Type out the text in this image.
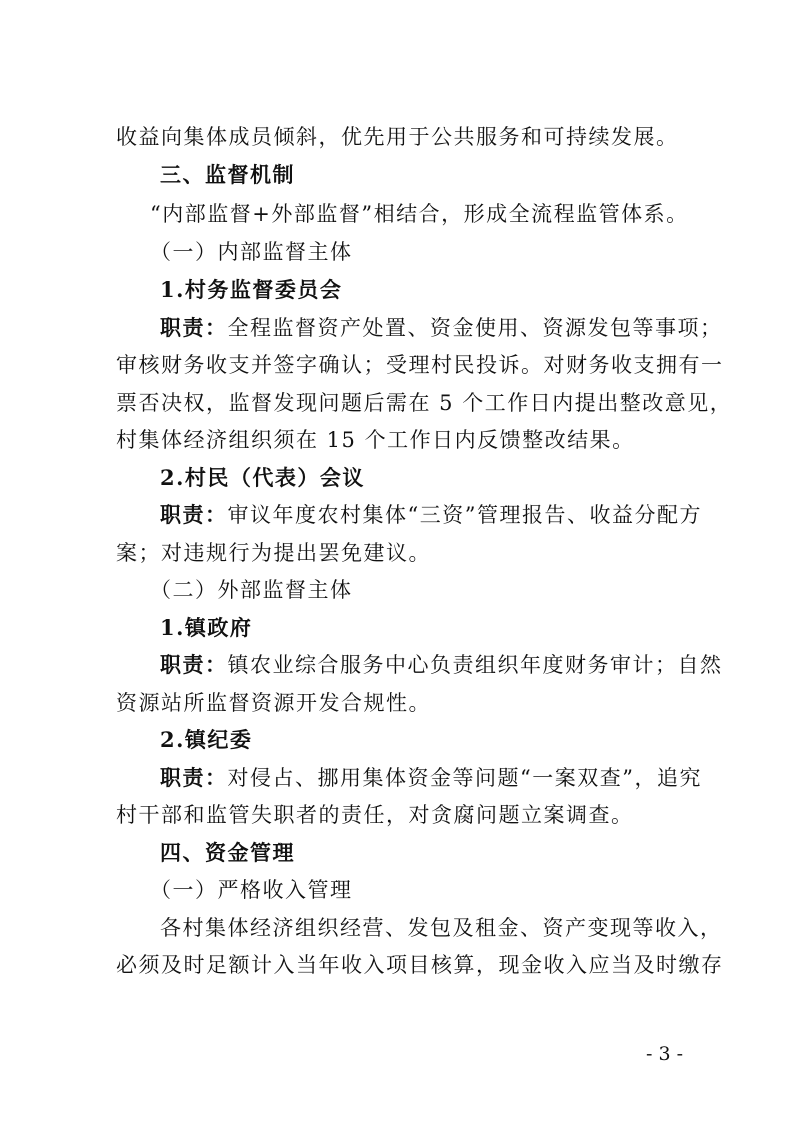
收益向集体成员倾斜，优先用于公共服务和可持续发展。
三、监督机制
“内部监督+外部监督”相结合，形成全流程监管体系。
（一）内部监督主体
1.村务监督委员会
职责：全程监督资产处置、资金使用、资源发包等事项；
审核财务收支并签字确认；受理村民投诉。对财务收支拥有一
票否决权，监督发现问题后需在 5 个工作日内提出整改意见，
村集体经济组织须在 15 个工作日内反馈整改结果。
2.村民（代表）会议
职责：审议年度农村集体“三资”管理报告、收益分配方
案；对违规行为提出罢免建议。
（二）外部监督主体
1.镇政府
职责：镇农业综合服务中心负责组织年度财务审计；自然
资源站所监督资源开发合规性。
2.镇纪委
职责：对侵占、挪用集体资金等问题“一案双查”，追究
村干部和监管失职者的责任，对贪腐问题立案调查。
四、资金管理
（一）严格收入管理
各村集体经济组织经营、发包及租金、资产变现等收入，
必须及时足额计入当年收入项目核算，现金收入应当及时缴存
- 3 -
